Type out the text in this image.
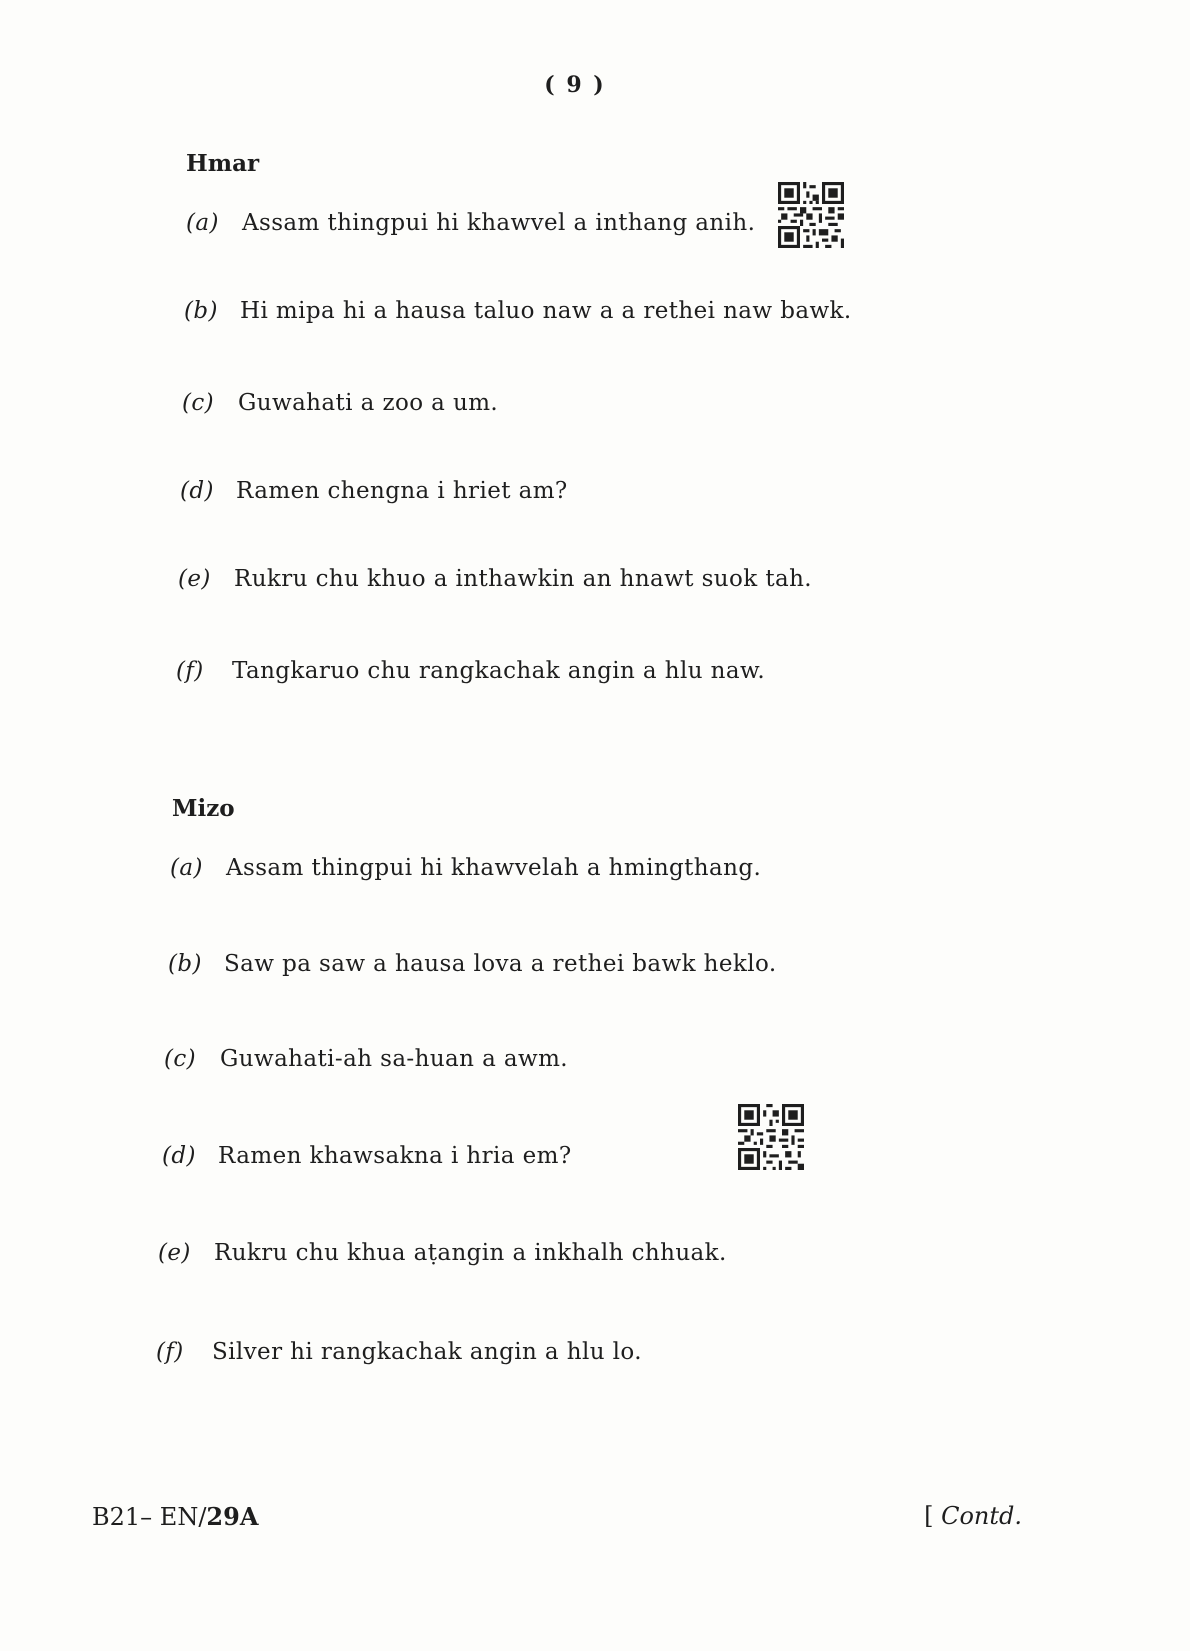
( 9 )
Hmar
(a) Assam thingpui hi khawvel a inthang anih.
(b) Hi mipa hi a hausa taluo naw a a rethei naw bawk.
(c) Guwahati a zoo a um.
(d) Ramen chengna i hriet am?
(e) Rukru chu khuo a inthawkin an hnawt suok tah.
(f) Tangkaruo chu rangkachak angin a hlu naw.
Mizo
(a) Assam thingpui hi khawvelah a hmingthang.
(b) Saw pa saw a hausa lova a rethei bawk heklo.
(c) Guwahati-ah sa-huan a awm.
(d) Ramen khawsakna i hria em?
(e) Rukru chu khua aṭangin a inkhalh chhuak.
(f) Silver hi rangkachak angin a hlu lo.
B21– EN/29A	[ Contd.
